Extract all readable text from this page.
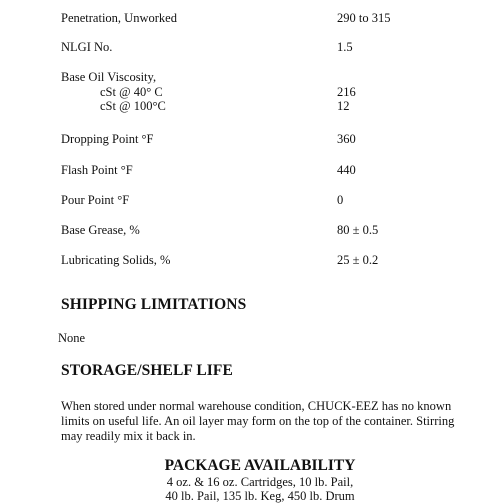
Penetration, Unworked	290 to 315
NLGI No.	1.5
Base Oil Viscosity,
cSt @ 40° C	216
cSt @ 100°C	12
Dropping Point °F	360
Flash Point °F	440
Pour Point °F	0
Base Grease, %	80 ± 0.5
Lubricating Solids, %	25 ± 0.2
SHIPPING LIMITATIONS
None
STORAGE/SHELF LIFE
When stored under normal warehouse condition, CHUCK-EEZ has no known
limits on useful life. An oil layer may form on the top of the container. Stirring
may readily mix it back in.
PACKAGE AVAILABILITY
4 oz. & 16 oz. Cartridges, 10 lb. Pail,
40 lb. Pail, 135 lb. Keg, 450 lb. Drum
